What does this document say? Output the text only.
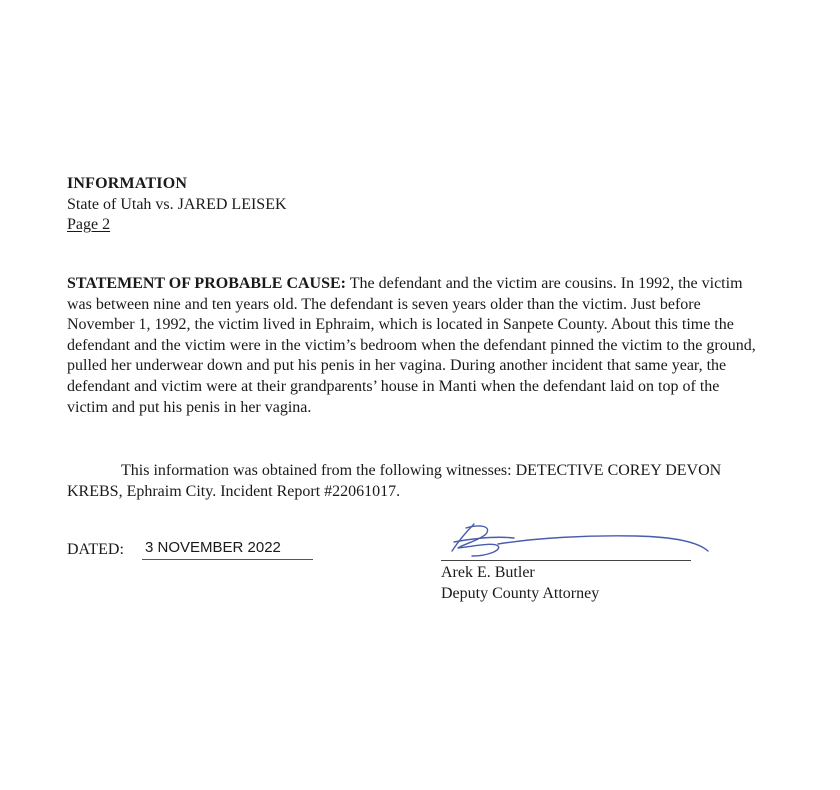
INFORMATION
State of Utah vs. JARED LEISEK
Page 2
STATEMENT OF PROBABLE CAUSE: The defendant and the victim are cousins. In 1992, the victim was between nine and ten years old. The defendant is seven years older than the victim. Just before November 1, 1992, the victim lived in Ephraim, which is located in Sanpete County. About this time the defendant and the victim were in the victim’s bedroom when the defendant pinned the victim to the ground, pulled her underwear down and put his penis in her vagina. During another incident that same year, the defendant and victim were at their grandparents’ house in Manti when the defendant laid on top of the victim and put his penis in her vagina.
This information was obtained from the following witnesses: DETECTIVE COREY DEVON KREBS, Ephraim City. Incident Report #22061017.
DATED: 3 NOVEMBER 2022
Arek E. Butler
Deputy County Attorney
